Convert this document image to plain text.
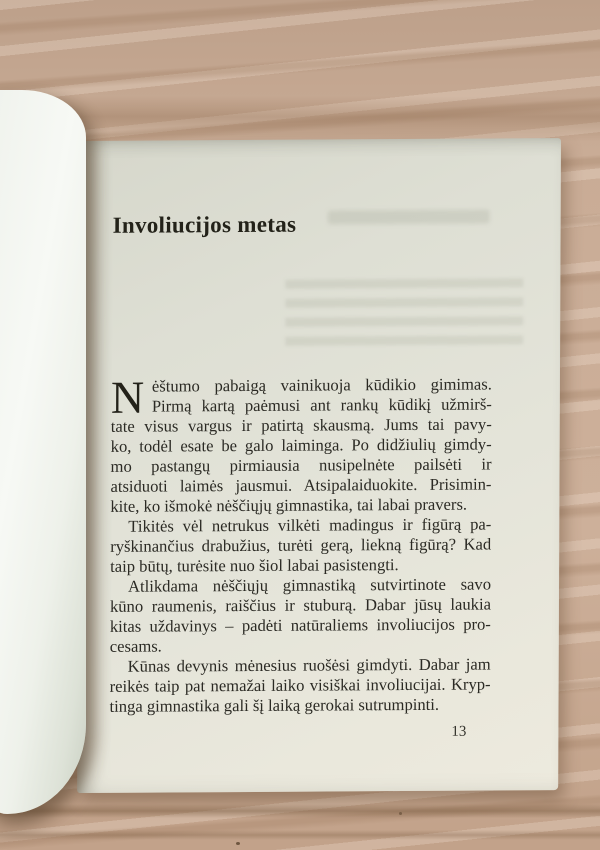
Involiucijos metas
N ėštumo pabaigą vainikuoja kūdikio gimimas.
Pirmą kartą paėmusi ant rankų kūdikį užmirš-
tate visus vargus ir patirtą skausmą. Jums tai pavy-
ko, todėl esate be galo laiminga. Po didžiulių gimdy-
mo pastangų pirmiausia nusipelnėte pailsėti ir
atsiduoti laimės jausmui. Atsipalaiduokite. Prisimin-
kite, ko išmokė nėščiųjų gimnastika, tai labai pravers.
Tikitės vėl netrukus vilkėti madingus ir figūrą pa-
ryškinančius drabužius, turėti gerą, liekną figūrą? Kad
taip būtų, turėsite nuo šiol labai pasistengti.
Atlikdama nėščiųjų gimnastiką sutvirtinote savo
kūno raumenis, raiščius ir stuburą. Dabar jūsų laukia
kitas uždavinys – padėti natūraliems involiucijos pro-
cesams.
Kūnas devynis mėnesius ruošėsi gimdyti. Dabar jam
reikės taip pat nemažai laiko visiškai involiucijai. Kryp-
tinga gimnastika gali šį laiką gerokai sutrumpinti.
13
